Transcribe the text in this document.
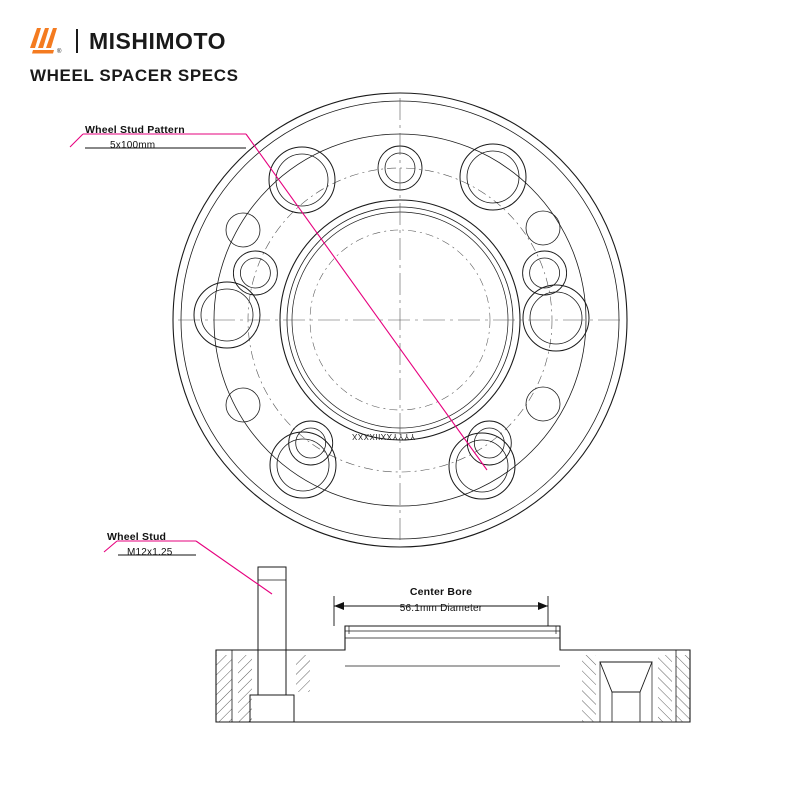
® MISHIMOTO
WHEEL SPACER SPECS
Wheel Stud Pattern
5x100mm
Wheel Stud
M12x1.25
Center Bore
56.1mm Diameter
XXXXIIXXYYYY
